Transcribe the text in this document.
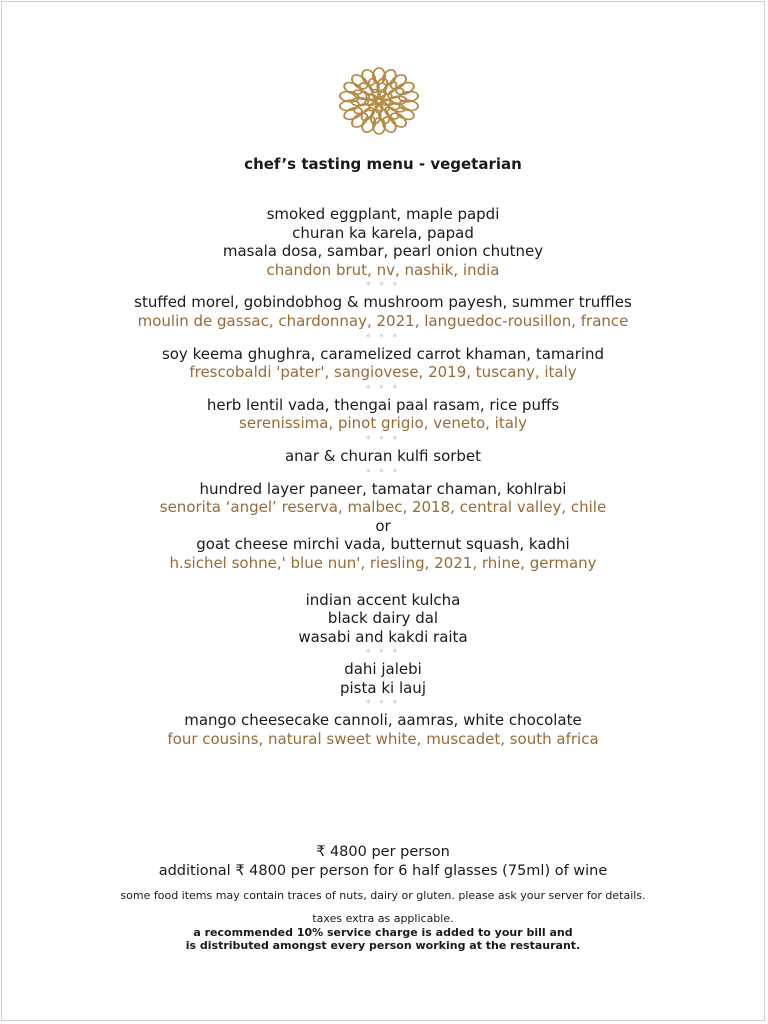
chef’s tasting menu - vegetarian
smoked eggplant, maple papdi
churan ka karela, papad
masala dosa, sambar, pearl onion chutney
chandon brut, nv, nashik, india
* * *
stuffed morel, gobindobhog & mushroom payesh, summer truffles
moulin de gassac, chardonnay, 2021, languedoc-rousillon, france
* * *
soy keema ghughra, caramelized carrot khaman, tamarind
frescobaldi 'pater', sangiovese, 2019, tuscany, italy
* * *
herb lentil vada, thengai paal rasam, rice puffs
serenissima, pinot grigio, veneto, italy
* * *
anar & churan kulfi sorbet
* * *
hundred layer paneer, tamatar chaman, kohlrabi
senorita ‘angel’ reserva, malbec, 2018, central valley, chile
or
goat cheese mirchi vada, butternut squash, kadhi
h.sichel sohne,' blue nun', riesling, 2021, rhine, germany
indian accent kulcha
black dairy dal
wasabi and kakdi raita
* * *
dahi jalebi
pista ki lauj
* * *
mango cheesecake cannoli, aamras, white chocolate
four cousins, natural sweet white, muscadet, south africa
₹ 4800 per person
additional ₹ 4800 per person for 6 half glasses (75ml) of wine
some food items may contain traces of nuts, dairy or gluten. please ask your server for details.
taxes extra as applicable.
a recommended 10% service charge is added to your bill and
is distributed amongst every person working at the restaurant.
